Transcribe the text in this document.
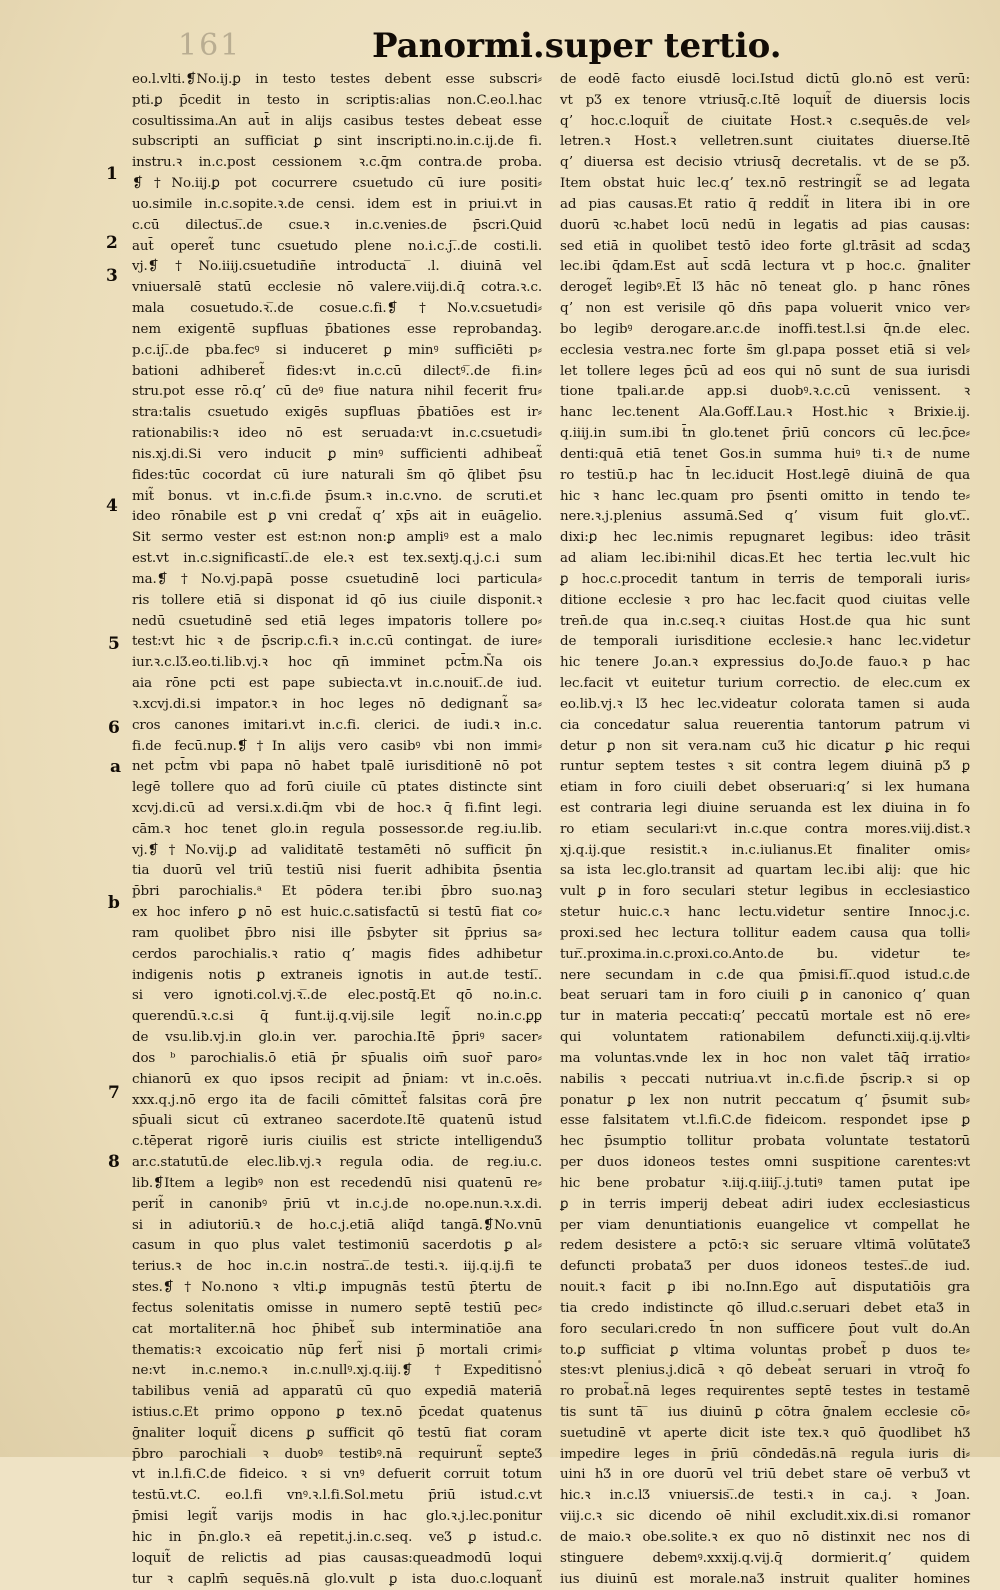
161	Panormi.super tertio.
eo.l.vlti.❡No.ij.ꝑ in testo testes debent esse subscri⸗
pti.ꝑ p̄cedit in testo in scriptis:alias non.C.eo.l.hac
cosultissima.An aut̄ in alijs casibus testes debeat esse
subscripti an sufficiat ꝑ sint inscripti.no.in.c.ij.de fi.
instru.ꝛ in.c.post cessionem ꝛ.c.q̄m contra.de proba.
❡†No.iij.ꝑ pot cocurrere csuetudo cū iure positi⸗
uo.simile in.c.sopite.ꝛ.de censi. idem est in priui.vt in
c.cū dilectus.̅.de csue.ꝛ in.c.venies.de p̄scri.Quid
aut̄ operet̃ tunc csuetudo plene no.i.c.j.̅.de costi.li.
vj.❡†No.iiij.csuetudin̄e introducta ̅.l. diuinā vel
vniuersalē statū ecclesie nō valere.viij.di.q̄ cotra.ꝛ.c.
mala cosuetudo.ꝛ.̅.de cosue.c.fi.❡†No.v.csuetudi⸗
nem exigentē supfluas p̄bationes esse reprobandaꝫ.
p.c.ij.̅.de pba.fecꝰ si induceret ꝑ minꝰ sufficiēti p⸗
bationi adhiberet̃ fides:vt in.c.cū dilectꝰ.̅.de fi.in⸗
stru.pot esse rō.qʼ cū deꝰ fiue natura nihil fecerit fru⸗
stra:talis csuetudo exigēs supfluas p̄batiōes est ir⸗
rationabilis:ꝛ ideo nō est seruada:vt in.c.csuetudi⸗
nis.xj.di.Si vero inducit ꝑ minꝰ sufficienti adhibeat̃
fides:tūc cocordat cū iure naturali s̄m qō q̄libet p̄su
mit̃ bonus. vt in.c.fi.de p̄sum.ꝛ in.c.vno. de scruti.et
ideo rōnabile est ꝑ vni credat̃ qʼ xp̄s ait in euāgelio.
Sit sermo vester est est:non non:ꝑ ampliꝰ est a malo
est.vt in.c.significasti.̅.de ele.ꝛ est tex.sextj.q.j.c.i sum
ma.❡†No.vj.papā posse csuetudinē loci particula⸗
ris tollere etiā si disponat id qō ius ciuile disponit.ꝛ
nedū csuetudinē sed etiā leges impatoris tollere po⸗
test:vt hic ꝛ de p̄scrip.c.fi.ꝛ in.c.cū contingat. de iure⸗
iur.ꝛ.c.lƷ.eo.ti.lib.vj.ꝛ hoc qn̄ imminet pct̄m.N̄a ois
aia rōne pcti est pape subiecta.vt in.c.nouit.̅.de iud.
ꝛ.xcvj.di.si impator.ꝛ in hoc leges nō dedignant̃ sa⸗
cros canones imitari.vt in.c.fi. clerici. de iudi.ꝛ in.c.
fi.de fecū.nup.❡†In alijs vero casibꝰ vbi non immi⸗
net pct̄m vbi papa nō habet tpalē iurisditionē nō pot
legē tollere quo ad forū ciuile cū ptates distincte sint
xcvj.di.cū ad versi.x.di.q̄m vbi de hoc.ꝛ q̄ fi.fint legi.
cām.ꝛ hoc tenet glo.in regula possessor.de reg.iu.lib.
vj.❡†No.vij.ꝑ ad validitatē testamēti nō sufficit p̄n
tia duorū vel triū testiū nisi fuerit adhibita p̄sentia
p̄bri parochialis.ᵃ Et pōdera ter.ibi p̄bro suo.naꝫ
ex hoc infero ꝑ nō est huic.c.satisfactū si testū fiat co⸗
ram quolibet p̄bro nisi ille p̄sbyter sit p̄prius sa⸗
cerdos parochialis.ꝛ ratio qʼ magis fides adhibetur
indigenis notis ꝑ extraneis ignotis in aut.de testi.̅.
si vero ignoti.col.vj.ꝛ.̅.de elec.postq̄.Et qō no.in.c.
querendū.ꝛ.c.si q̄ funt.ij.q.vij.sile legit̃ no.in.c.ꝑꝑ
de vsu.lib.vj.in glo.in ver. parochia.Itē p̄priꝰ sacer⸗
dos ᵇ parochialis.ō etiā p̄r sp̄ualis oim̄ suor̄ paro⸗
chianorū ex quo ipsos recipit ad p̄niam: vt in.c.oēs.
xxx.q.j.nō ergo ita de facili cōmittet̃ falsitas corā p̄re
sp̄uali sicut cū extraneo sacerdote.Itē quatenū istud
c.tēperat rigorē iuris ciuilis est stricte intelligenduƷ
ar.c.statutū.de elec.lib.vj.ꝛ regula odia. de reg.iu.c.
lib.❡Item a legibꝰ non est recedendū nisi quatenū re⸗
perit̃ in canonibꝰ p̄riū vt in.c.j.de no.ope.nun.ꝛ.x.di.
si in adiutoriū.ꝛ de ho.c.j.etiā aliq̄d tangā.❡No.vnū
casum in quo plus valet testimoniū sacerdotis ꝑ al⸗
terius.ꝛ de hoc in.c.in nostra.̅.de testi.ꝛ. iij.q.ij.fi te
stes.❡†No.nono ꝛ vlti.ꝑ impugnās testū p̄tertu de
fectus solenitatis omisse in numero septē testiū pec⸗
cat mortaliter.nā hoc p̄hibet̃ sub interminatiōe ana
thematis:ꝛ excoicatio nūꝑ fert̃ nisi p̄ mortali crimi⸗
ne:vt in.c.nemo.ꝛ in.c.nullꝰ.xj.q.iij.❡†Expeditisno
tabilibus veniā ad apparatū cū quo expediā materiā
istius.c.Et primo oppono ꝑ tex.nō p̄cedat quatenus
ḡnaliter loquit̃ dicens ꝑ sufficit qō testū fiat coram
p̄bro parochiali ꝛ duobꝰ testibꝰ.nā requirunt̃ septeƷ
vt in.l.fi.C.de fideico. ꝛ si vnꝰ defuerit corruit totum
testū.vt.C. eo.l.fi vnꝰ.ꝛ.l.fi.Sol.metu p̄riū istud.c.vt
p̄misi legit̃ varijs modis in hac glo.ꝛ.j.lec.ponitur
hic in p̄n.glo.ꝛ eā repetit.j.in.c.seq. veƷ ꝑ istud.c.
loquit̃ de relictis ad pias causas:queadmodū loqui
tur ꝛ caplm̄ sequēs.nā glo.vult ꝑ ista duo.c.loquant̃
de eodē facto eiusdē loci.Istud dictū glo.nō est verū:
vt pƷ ex tenore vtriusq̄.c.Itē loquit̃ de diuersis locis
qʼ hoc.c.loquit̃ de ciuitate Host.ꝛ c.sequēs.de vel⸗
letren.ꝛ Host.ꝛ velletren.sunt ciuitates diuerse.Itē
qʼ diuersa est decisio vtriusq̄ decretalis. vt de se pƷ.
Item obstat huic lec.qʼ tex.nō restringit̃ se ad legata
ad pias causas.Et ratio q̄ reddit̃ in litera ibi in ore
duorū ꝛc.habet locū nedū in legatis ad pias causas:
sed etiā in quolibet testō ideo forte gl.trāsit ad scdaʒ
lec.ibi q̄dam.Est aut̄ scdā lectura vt p hoc.c. ḡnaliter
deroget̃ legibꝰ.Et̄ lƷ hāc nō teneat glo. p hanc rōnes
qʼ non est verisile qō dn̄s papa voluerit vnico ver⸗
bo legibꝰ derogare.ar.c.de inoffi.test.l.si q̄n.de elec.
ecclesia vestra.nec forte s̄m gl.papa posset etiā si vel⸗
let tollere leges p̄cū ad eos qui nō sunt de sua iurisdi
tione tpali.ar.de app.si duobꝰ.ꝛ.c.cū venissent. ꝛ
hanc lec.tenent Ala.Goff.Lau.ꝛ Host.hic ꝛ Brixie.ij.
q.iiij.in sum.ibi t̄n glo.tenet p̄riū concors cū lec.p̄ce⸗
denti:quā etiā tenet Gos.in summa huiꝰ ti.ꝛ de nume
ro testiū.p hac t̄n lec.iducit Host.legē diuinā de qua
hic ꝛ hanc lec.quam pro p̄senti omitto in tendo te⸗
nere.ꝛ.j.plenius assumā.Sed qʼ visum fuit glo.vt.̅.
dixi:ꝑ hec lec.nimis repugnaret legibus: ideo trāsit
ad aliam lec.ibi:nihil dicas.Et hec tertia lec.vult hic
ꝑ hoc.c.procedit tantum in terris de temporali iuris⸗
ditione ecclesie ꝛ pro hac lec.facit quod ciuitas velle
tren̄.de qua in.c.seq.ꝛ ciuitas Host.de qua hic sunt
de temporali iurisditione ecclesie.ꝛ hanc lec.videtur
hic tenere Jo.an.ꝛ expressius do.Jo.de fauo.ꝛ p hac
lec.facit vt euitetur turium correctio. de elec.cum ex
eo.lib.vj.ꝛ lƷ hec lec.videatur colorata tamen si auda
cia concedatur salua reuerentia tantorum patrum vi
detur ꝑ non sit vera.nam cuƷ hic dicatur ꝑ hic requi
runtur septem testes ꝛ sit contra legem diuinā pƷ ꝑ
etiam in foro ciuili debet obseruari:qʼ si lex humana
est contraria legi diuine seruanda est lex diuina in fo
ro etiam seculari:vt in.c.que contra mores.viij.dist.ꝛ
xj.q.ij.que resistit.ꝛ in.c.iulianus.Et finaliter omis⸗
sa ista lec.glo.transit ad quartam lec.ibi alij: que hic
vult ꝑ in foro seculari stetur legibus in ecclesiastico
stetur huic.c.ꝛ hanc lectu.videtur sentire Innoc.j.c.
proxi.sed hec lectura tollitur eadem causa qua tolli⸗
tur.̅.proxima.in.c.proxi.co.Anto.de bu. videtur te⸗
nere secundam in c.de qua p̄misi.fi.̅.quod istud.c.de
beat seruari tam in foro ciuili ꝑ in canonico qʼ quan
tur in materia peccati:qʼ peccatū mortale est nō ere⸗
qui voluntatem rationabilem defuncti.xiij.q.ij.vlti⸗
ma voluntas.vnde lex in hoc non valet tāq̄ irratio⸗
nabilis ꝛ peccati nutriua.vt in.c.fi.de p̄scrip.ꝛ si op
ponatur ꝑ lex non nutrit peccatum qʼ p̄sumit sub⸗
esse falsitatem vt.l.fi.C.de fideicom. respondet ipse ꝑ
hec p̄sumptio tollitur probata voluntate testatorū
per duos idoneos testes omni suspitione carentes:vt
hic bene probatur ꝛ.iij.q.iiij.̅.j.tutiꝰ tamen putat ipe
ꝑ in terris imperij debeat adiri iudex ecclesiasticus
per viam denuntiationis euangelice vt compellat he
redem desistere a pctō:ꝛ sic seruare vltimā volūtateƷ
defuncti probataƷ per duos idoneos testes.̅.de iud.
nouit.ꝛ facit ꝑ ibi no.Inn.Ego aut̄ disputatiōis gra
tia credo indistincte qō illud.c.seruari debet etaƷ in
foro seculari.credo t̄n non sufficere p̄out vult do.An
to.ꝑ sufficiat ꝑ vltima voluntas probet̃ p duos te⸗
stes:vt plenius.j.dicā ꝛ qō debeat seruari in vtroq̄ fo
ro probat̃.nā leges requirentes septē testes in testamē
tis sunt tā ̅ ius diuinū ꝑ cōtra ḡnalem ecclesie cō⸗
suetudinē vt aperte dicit iste tex.ꝛ quō q̄uodlibet hƷ
impedire leges in p̄riū cōndedās.nā regula iuris di⸗
uini hƷ in ore duorū vel triū debet stare oē verbuƷ vt
hic.ꝛ in.c.lƷ vniuersis.̅.de testi.ꝛ in ca.j. ꝛ Joan.
viij.c.ꝛ sic dicendo oē nihil excludit.xix.di.si romanor
de maio.ꝛ obe.solite.ꝛ ex quo nō distinxit nec nos di
stinguere debemꝰ.xxxij.q.vij.q̄ dormierit.qʼ quidem
ius diuinū est morale.naƷ instruit qualiter homines
1
2
3
4
5
6
a
b
7
8
